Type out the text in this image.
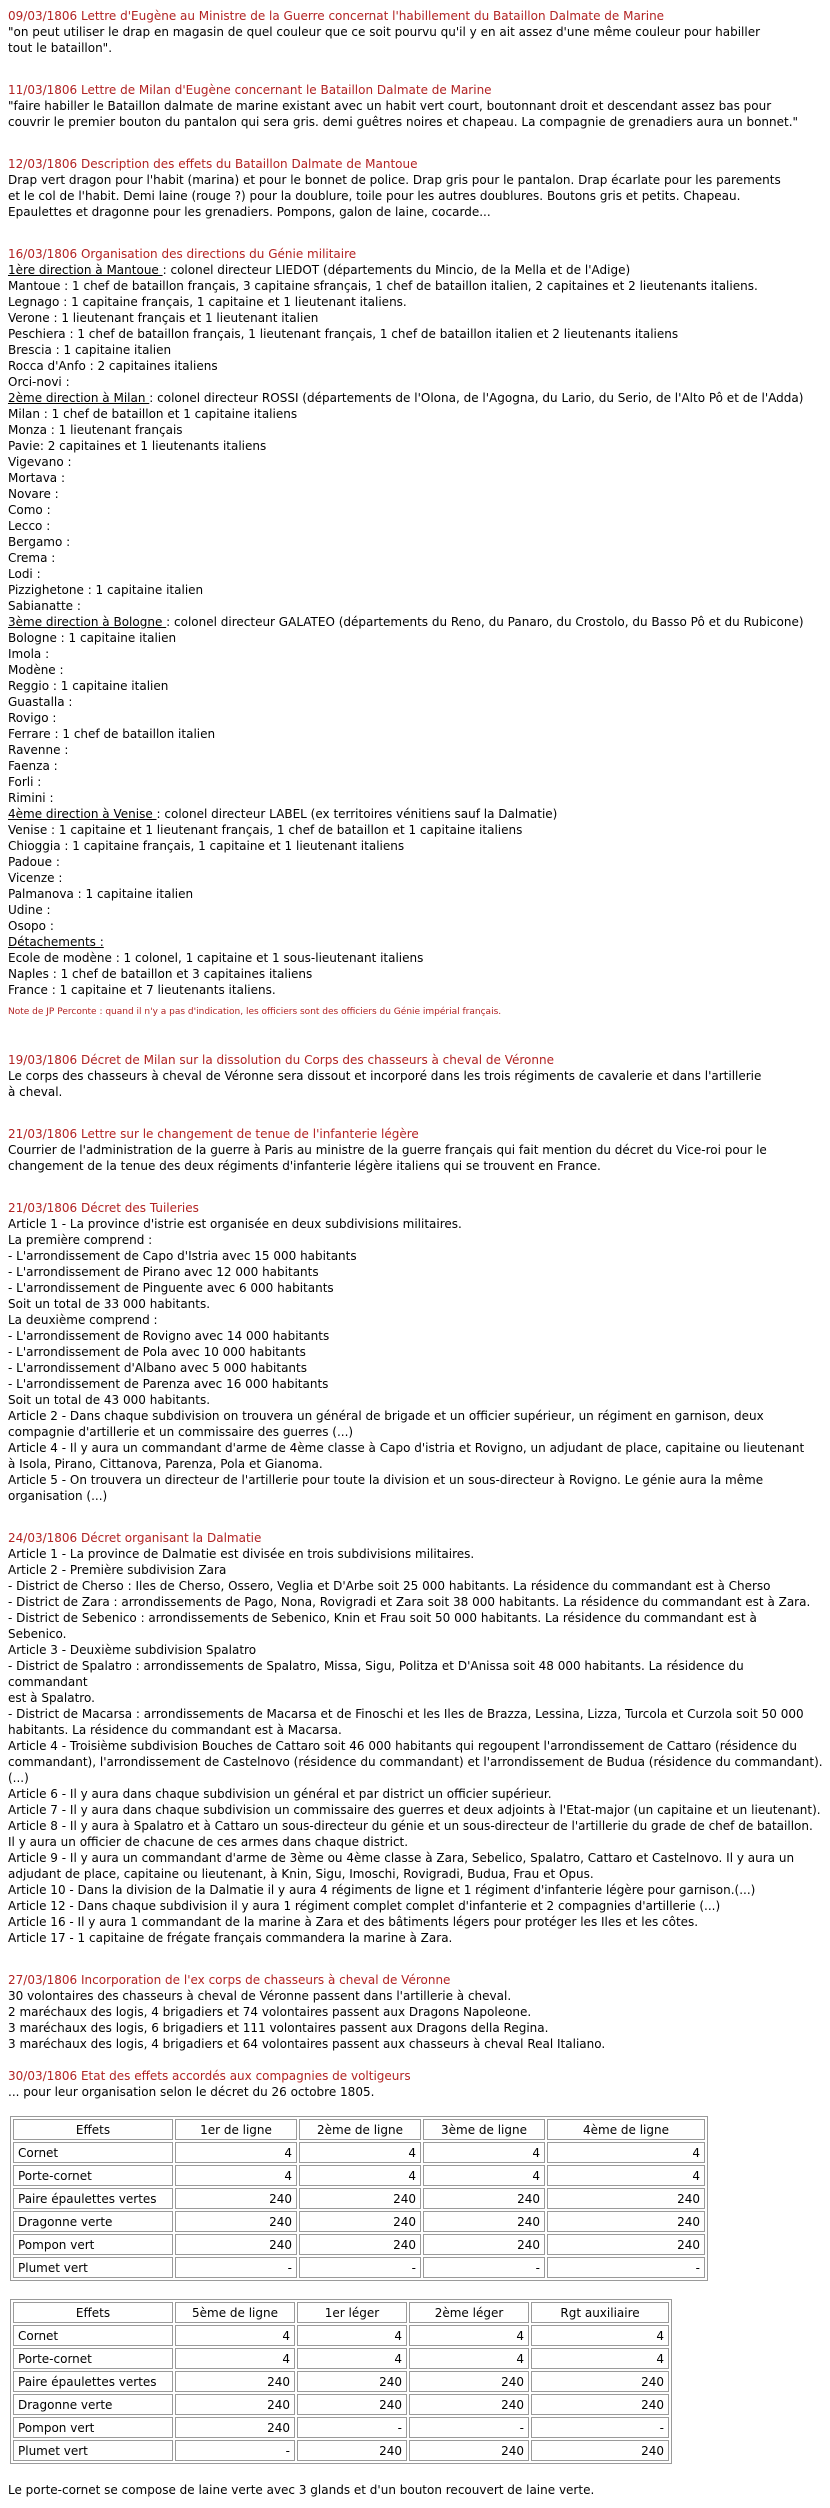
09/03/1806 Lettre d'Eugène au Ministre de la Guerre concernat l'habillement du Bataillon Dalmate de Marine
"on peut utiliser le drap en magasin de quel couleur que ce soit pourvu qu'il y en ait assez d'une même couleur pour habiller
tout le bataillon".
11/03/1806 Lettre de Milan d'Eugène concernant le Bataillon Dalmate de Marine
"faire habiller le Bataillon dalmate de marine existant avec un habit vert court, boutonnant droit et descendant assez bas pour
couvrir le premier bouton du pantalon qui sera gris. demi guêtres noires et chapeau. La compagnie de grenadiers aura un bonnet."
12/03/1806 Description des effets du Bataillon Dalmate de Mantoue
Drap vert dragon pour l'habit (marina) et pour le bonnet de police. Drap gris pour le pantalon. Drap écarlate pour les parements
et le col de l'habit. Demi laine (rouge ?) pour la doublure, toile pour les autres doublures. Boutons gris et petits. Chapeau.
Epaulettes et dragonne pour les grenadiers. Pompons, galon de laine, cocarde...
16/03/1806 Organisation des directions du Génie militaire
1ère direction à Mantoue : colonel directeur LIEDOT (départements du Mincio, de la Mella et de l'Adige)
Mantoue : 1 chef de bataillon français, 3 capitaine sfrançais, 1 chef de bataillon italien, 2 capitaines et 2 lieutenants italiens.
Legnago : 1 capitaine français, 1 capitaine et 1 lieutenant italiens.
Verone : 1 lieutenant français et 1 lieutenant italien
Peschiera : 1 chef de bataillon français, 1 lieutenant français, 1 chef de bataillon italien et 2 lieutenants italiens
Brescia : 1 capitaine italien
Rocca d'Anfo : 2 capitaines italiens
Orci-novi :
2ème direction à Milan : colonel directeur ROSSI (départements de l'Olona, de l'Agogna, du Lario, du Serio, de l'Alto Pô et de l'Adda)
Milan : 1 chef de bataillon et 1 capitaine italiens
Monza : 1 lieutenant français
Pavie: 2 capitaines et 1 lieutenants italiens
Vigevano :
Mortava :
Novare :
Como :
Lecco :
Bergamo :
Crema :
Lodi :
Pizzighetone : 1 capitaine italien
Sabianatte :
3ème direction à Bologne : colonel directeur GALATEO (départements du Reno, du Panaro, du Crostolo, du Basso Pô et du Rubicone)
Bologne : 1 capitaine italien
Imola :
Modène :
Reggio : 1 capitaine italien
Guastalla :
Rovigo :
Ferrare : 1 chef de bataillon italien
Ravenne :
Faenza :
Forli :
Rimini :
4ème direction à Venise : colonel directeur LABEL (ex territoires vénitiens sauf la Dalmatie)
Venise : 1 capitaine et 1 lieutenant français, 1 chef de bataillon et 1 capitaine italiens
Chioggia : 1 capitaine français, 1 capitaine et 1 lieutenant italiens
Padoue :
Vicenze :
Palmanova : 1 capitaine italien
Udine :
Osopo :
Détachements :
Ecole de modène : 1 colonel, 1 capitaine et 1 sous-lieutenant italiens
Naples : 1 chef de bataillon et 3 capitaines italiens
France : 1 capitaine et 7 lieutenants italiens.
Note de JP Perconte : quand il n'y a pas d'indication, les officiers sont des officiers du Génie impérial français.
19/03/1806 Décret de Milan sur la dissolution du Corps des chasseurs à cheval de Véronne
Le corps des chasseurs à cheval de Véronne sera dissout et incorporé dans les trois régiments de cavalerie et dans l'artillerie
à cheval.
21/03/1806 Lettre sur le changement de tenue de l'infanterie légère
Courrier de l'administration de la guerre à Paris au ministre de la guerre français qui fait mention du décret du Vice-roi pour le
changement de la tenue des deux régiments d'infanterie légère italiens qui se trouvent en France.
21/03/1806 Décret des Tuileries
Article 1 - La province d'istrie est organisée en deux subdivisions militaires.
La première comprend :
- L'arrondissement de Capo d'Istria avec 15 000 habitants
- L'arrondissement de Pirano avec 12 000 habitants
- L'arrondissement de Pinguente avec 6 000 habitants
Soit un total de 33 000 habitants.
La deuxième comprend :
- L'arrondissement de Rovigno avec 14 000 habitants
- L'arrondissement de Pola avec 10 000 habitants
- L'arrondissement d'Albano avec 5 000 habitants
- L'arrondissement de Parenza avec 16 000 habitants
Soit un total de 43 000 habitants.
Article 2 - Dans chaque subdivision on trouvera un général de brigade et un officier supérieur, un régiment en garnison, deux
compagnie d'artillerie et un commissaire des guerres (...)
Article 4 - Il y aura un commandant d'arme de 4ème classe à Capo d'istria et Rovigno, un adjudant de place, capitaine ou lieutenant
à Isola, Pirano, Cittanova, Parenza, Pola et Gianoma.
Article 5 - On trouvera un directeur de l'artillerie pour toute la division et un sous-directeur à Rovigno. Le génie aura la même
organisation (...)
24/03/1806 Décret organisant la Dalmatie
Article 1 - La province de Dalmatie est divisée en trois subdivisions militaires.
Article 2 - Première subdivision Zara
- District de Cherso : Iles de Cherso, Ossero, Veglia et D'Arbe soit 25 000 habitants. La résidence du commandant est à Cherso
- District de Zara : arrondissements de Pago, Nona, Rovigradi et Zara soit 38 000 habitants. La résidence du commandant est à Zara.
- District de Sebenico : arrondissements de Sebenico, Knin et Frau soit 50 000 habitants. La résidence du commandant est à
Sebenico.
Article 3 - Deuxième subdivision Spalatro
- District de Spalatro : arrondissements de Spalatro, Missa, Sigu, Politza et D'Anissa soit 48 000 habitants. La résidence du
commandant
est à Spalatro.
- District de Macarsa : arrondissements de Macarsa et de Finoschi et les Iles de Brazza, Lessina, Lizza, Turcola et Curzola soit 50 000
habitants. La résidence du commandant est à Macarsa.
Article 4 - Troisième subdivision Bouches de Cattaro soit 46 000 habitants qui regoupent l'arrondissement de Cattaro (résidence du
commandant), l'arrondissement de Castelnovo (résidence du commandant) et l'arrondissement de Budua (résidence du commandant).
(...)
Article 6 - Il y aura dans chaque subdivision un général et par district un officier supérieur.
Article 7 - Il y aura dans chaque subdivision un commissaire des guerres et deux adjoints à l'Etat-major (un capitaine et un lieutenant).
Article 8 - Il y aura à Spalatro et à Cattaro un sous-directeur du génie et un sous-directeur de l'artillerie du grade de chef de bataillon.
Il y aura un officier de chacune de ces armes dans chaque district.
Article 9 - Il y aura un commandant d'arme de 3ème ou 4ème classe à Zara, Sebelico, Spalatro, Cattaro et Castelnovo. Il y aura un
adjudant de place, capitaine ou lieutenant, à Knin, Sigu, Imoschi, Rovigradi, Budua, Frau et Opus.
Article 10 - Dans la division de la Dalmatie il y aura 4 régiments de ligne et 1 régiment d'infanterie légère pour garnison.(...)
Article 12 - Dans chaque subdivision il y aura 1 régiment complet complet d'infanterie et 2 compagnies d'artillerie (...)
Article 16 - Il y aura 1 commandant de la marine à Zara et des bâtiments légers pour protéger les Iles et les côtes.
Article 17 - 1 capitaine de frégate français commandera la marine à Zara.
27/03/1806 Incorporation de l'ex corps de chasseurs à cheval de Véronne
30 volontaires des chasseurs à cheval de Véronne passent dans l'artillerie à cheval.
2 maréchaux des logis, 4 brigadiers et 74 volontaires passent aux Dragons Napoleone.
3 maréchaux des logis, 6 brigadiers et 111 volontaires passent aux Dragons della Regina.
3 maréchaux des logis, 4 brigadiers et 64 volontaires passent aux chasseurs à cheval Real Italiano.
30/03/1806 Etat des effets accordés aux compagnies de voltigeurs
... pour leur organisation selon le décret du 26 octobre 1805.
Effets	1er de ligne	2ème de ligne	3ème de ligne	4ème de ligne
Cornet	4	4	4	4
Porte-cornet	4	4	4	4
Paire épaulettes vertes	240	240	240	240
Dragonne verte	240	240	240	240
Pompon vert	240	240	240	240
Plumet vert	-	-	-	-
Effets	5ème de ligne	1er léger	2ème léger	Rgt auxiliaire
Cornet	4	4	4	4
Porte-cornet	4	4	4	4
Paire épaulettes vertes	240	240	240	240
Dragonne verte	240	240	240	240
Pompon vert	240	-	-	-
Plumet vert	-	240	240	240
Le porte-cornet se compose de laine verte avec 3 glands et d'un bouton recouvert de laine verte.
